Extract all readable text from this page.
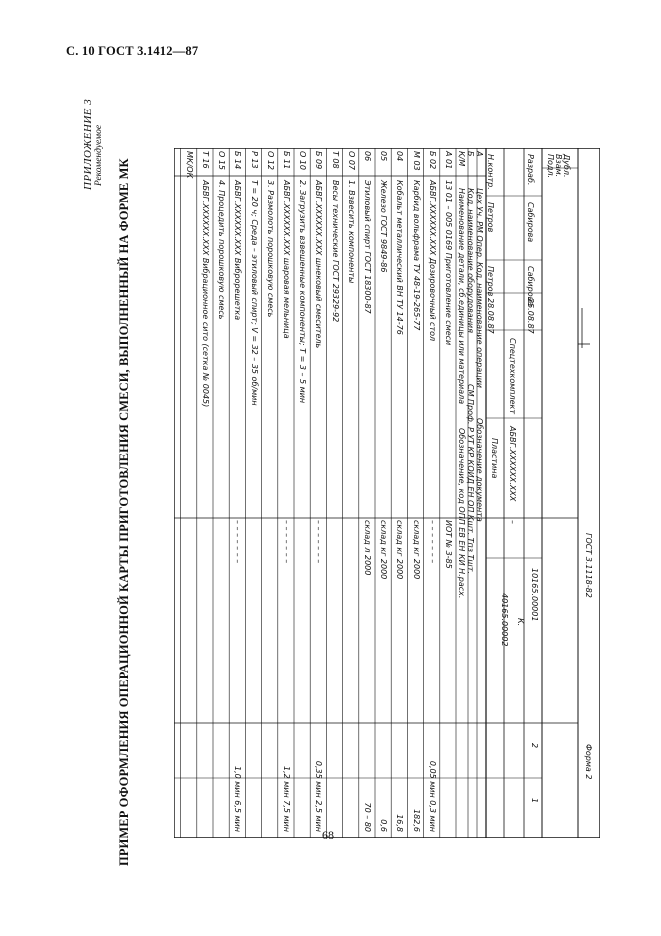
С. 10 ГОСТ 3.1412—87
ПРИЛОЖЕНИЕ 3 Рекомендуемое
ПРИМЕР ОФОРМЛЕНИЯ ОПЕРАЦИОННОЙ КАРТЫ ПРИГОТОВЛЕНИЯ СМЕСИ, ВЫПОЛНЕННЫЙ НА ФОРМЕ МК	ГОСТ 3.1118-82
Форма 2
Дубл.
Взам.
Подл.
10165.00001
2
1
К.
40165.00002
Разраб.
Сабирова
Сабирова
25.08.87
Спецтехкомплект
АБВГ.ХХХХХХ.ХХХ
–
Н.контр.
Петров
Петров
28.08.87
Пластина
А
Цех Уч. РМ Опер. Код, наименование операции
Обозначение документа
Б
Код, наименование оборудования
СМ Проф. Р УТ КР КОИД ЕН ОП Кшт. Тпз Тшт.
К/М
Наименование детали, сб.единицы или материала
Обозначение, код ОПП ЕВ ЕН КИ Н.расх.
А 01
13 01 – 005 0169 Приготовление смеси
ИОТ № 3-85
Б 02
АБВГ.ХХХХХХ.ХХХ Дозировочный стол
– – – – – – –
0,05 мин 0,3 мин
М 03
Карбид вольфрама ТУ 48-19-265-77
склад кг 2000
182,6
04
Кобальт металлический ВН ТУ 14-76
склад кг 2000
16,8
05
Железо ГОСТ 9849-86
склад кг 2000
0,6
06
Этиловый спирт ГОСТ 18300-87
склад л 2000
70 – 80
О 07
1. Взвесить компоненты
Т 08
Весы технические ГОСТ 29329-92
Б 09
АБВГ.ХХХХХХ.ХХХ шнековый смеситель
– – – – – – –
0,35 мин 2,5 мин
О 10
2. Загрузить взвешенные компоненты; Т = 3 – 5 мин
Б 11
АБВГ.ХХХХХХ.ХХХ шаровая мельница
– – – – – – –
1,2 мин 7,5 мин
О 12
3. Размолоть порошковую смесь
Р 13
Т = 20 ч; Среда – этиловый спирт; V = 32 – 35 об/мин
Б 14
АБВГ.ХХХХХХ.ХХХ Виброрешетка
– – – – – – –
1,0 мин 6,5 мин
О 15
4. Процедить порошковую смесь
Т 16
АБВГ.ХХХХХХ.ХХХ Вибрационное сито (сетка № 0045)
МК/ОК
68
